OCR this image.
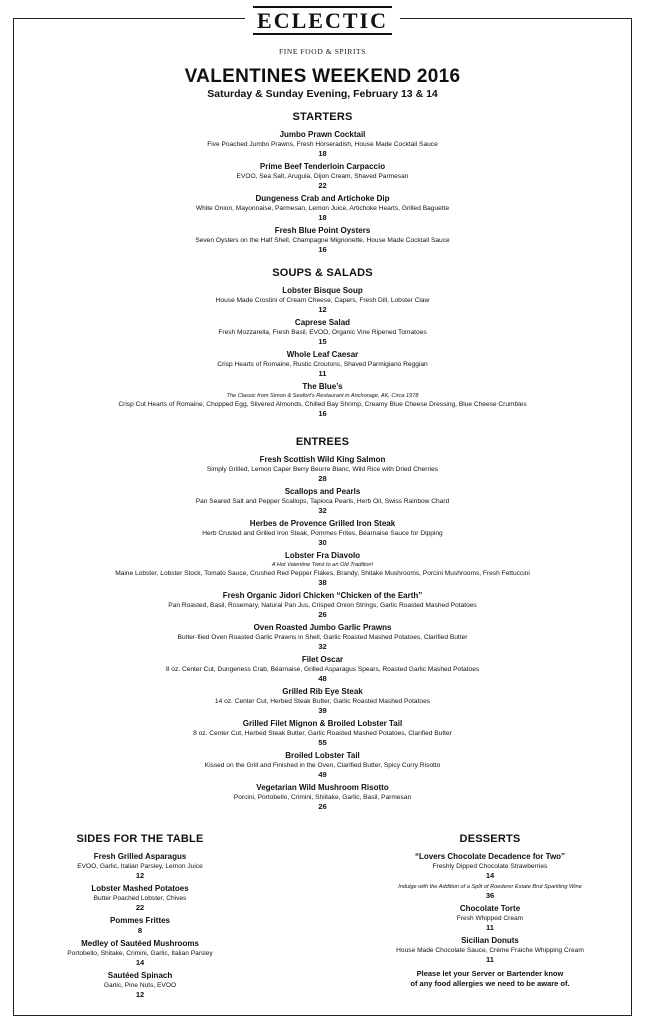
ECLECTIC
FINE FOOD & SPIRITS
VALENTINES WEEKEND 2016
Saturday & Sunday Evening, February 13 & 14
STARTERS
Jumbo Prawn Cocktail
Five Poached Jumbo Prawns, Fresh Horseradish, House Made Cocktail Sauce
18
Prime Beef Tenderloin Carpaccio
EVOO, Sea Salt, Arugula, Dijon Cream, Shaved Parmesan
22
Dungeness Crab and Artichoke Dip
White Onion, Mayonnaise, Parmesan, Lemon Juice, Artichoke Hearts, Grilled Baguette
18
Fresh Blue Point Oysters
Seven Oysters on the Half Shell, Champagne Mignonette, House Made Cocktail Sauce
16
SOUPS & SALADS
Lobster Bisque Soup
House Made Crostini of Cream Cheese, Capers, Fresh Dill, Lobster Claw
12
Caprese Salad
Fresh Mozzarella, Fresh Basil, EVOO, Organic Vine Ripened Tomatoes
15
Whole Leaf Caesar
Crisp Hearts of Romaine, Rustic Croutons, Shaved Parmigiano Reggian
11
The Blue’s
The Classic from Simon & Seafort’s Restaurant in Anchorage, AK, Circa 1978
Crisp Cut Hearts of Romaine, Chopped Egg, Slivered Almonds, Chilled Bay Shrimp, Creamy Blue Cheese Dressing, Blue Cheese Crumbles
16
ENTREES
Fresh Scottish Wild King Salmon
Simply Grilled, Lemon Caper Berry Beurre Blanc, Wild Rice with Dried Cherries
28
Scallops and Pearls
Pan Seared Salt and Pepper Scallops, Tapioca Pearls, Herb Oil, Swiss Rainbow Chard
32
Herbes de Provence Grilled Iron Steak
Herb Crusted and Grilled Iron Steak, Pommes Frites, Béarnaise Sauce for Dipping
30
Lobster Fra Diavolo
A Hot Valentine Twist to an Old Tradition!
Maine Lobster, Lobster Stock, Tomato Sauce, Crushed Red Pepper Flakes, Brandy, Shitake Mushrooms, Porcini Mushrooms, Fresh Fettuccini
38
Fresh Organic Jidori Chicken “Chicken of the Earth”
Pan Roasted, Basil, Rosemary, Natural Pan Jus, Crisped Onion Strings, Garlic Roasted Mashed Potatoes
26
Oven Roasted Jumbo Garlic Prawns
Butter-flied Oven Roasted Garlic Prawns in Shell, Garlic Roasted Mashed Potatoes, Clarified Butter
32
Filet Oscar
8 oz. Center Cut, Dungeness Crab, Béarnaise, Grilled Asparagus Spears, Roasted Garlic Mashed Potatoes
48
Grilled Rib Eye Steak
14 oz. Center Cut, Herbed Steak Butter, Garlic Roasted Mashed Potatoes
39
Grilled Filet Mignon & Broiled Lobster Tail
8 oz. Center Cut, Herbed Steak Butter, Garlic Roasted Mashed Potatoes, Clarified Butter
55
Broiled Lobster Tail
Kissed on the Grill and Finished in the Oven, Clarified Butter, Spicy Curry Risotto
49
Vegetarian Wild Mushroom Risotto
Porcini, Portobello, Crimini, Shiitake, Garlic, Basil, Parmesan
26
SIDES FOR THE TABLE
Fresh Grilled Asparagus
EVOO, Garlic, Italian Parsley, Lemon Juice
12
Lobster Mashed Potatoes
Butter Poached Lobster, Chives
22
Pommes Frittes
8
Medley of Sautéed Mushrooms
Portobello, Shitake, Crimini, Garlic, Italian Parsley
14
Sautéed Spinach
Garlic, Pine Nuts, EVOO
12
DESSERTS
“Lovers Chocolate Decadence for Two”
Freshly Dipped Chocolate Strawberries
14
Indulge with the Addition of a Split of Roederer Estate Brut Sparkling Wine
36
Chocolate Torte
Fresh Whipped Cream
11
Sicilian Donuts
House Made Chocolate Sauce, Crème Fraiche Whipping Cream
11
Please let your Server or Bartender know
of any food allergies we need to be aware of.
